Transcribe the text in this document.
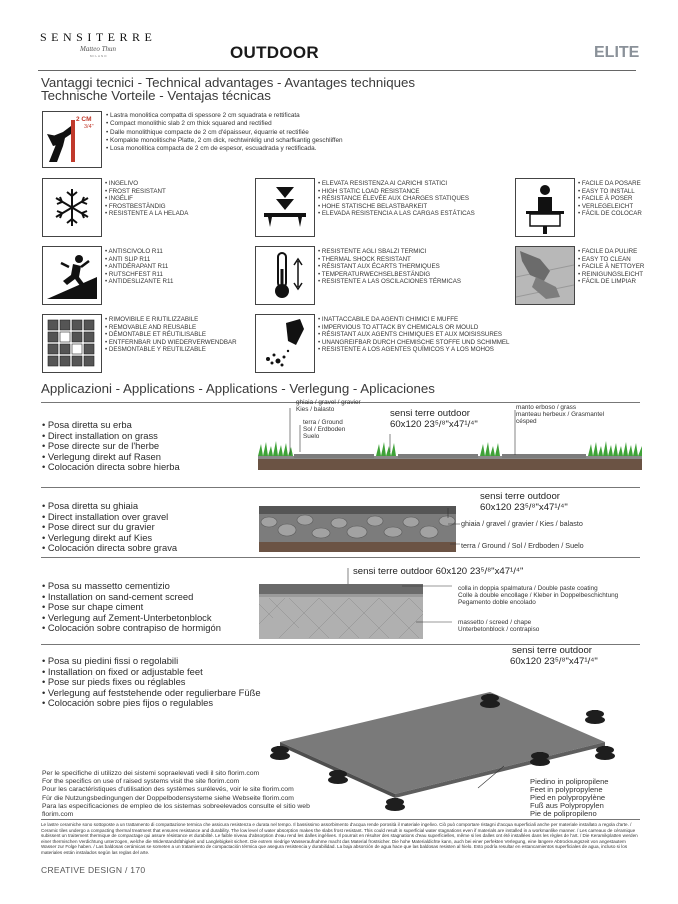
SENSITERRE
Matteo Thun
MILANO	OUTDOOR	ELITE
Vantaggi tecnici - Technical advantages - Avantages techniques
Technische Vorteile - Ventajas técnicas
2 CM
3/4"
• Lastra monolitica compatta di spessore 2 cm squadrata e rettificata
• Compact monolithic slab 2 cm thick squared and rectified
• Dalle monolithique compacte de 2 cm d'épaisseur, équarrie et rectifiée
• Kompakte monolitische Platte, 2 cm dick, rechtwinklig und scharfkantig geschliffen
• Losa monolítica compacta de 2 cm de espesor, escuadrada y rectificada.
• INGELIVO
• FROST RESISTANT
• INGÉLIF
• FROSTBESTÄNDIG
• RESISTENTE A LA HELADA
• ELEVATA RESISTENZA AI CARICHI STATICI
• HIGH STATIC LOAD RESISTANCE
• RÉSISTANCE ÉLEVÉE AUX CHARGES STATIQUES
• HOHE STATISCHE BELASTBARKEIT
• ELEVADA RESISTENCIA A LAS CARGAS ESTÁTICAS
• FACILE DA POSARE
• EASY TO INSTALL
• FACILE À POSER
• VERLEGELEICHT
• FÁCIL DE COLOCAR
• ANTISCIVOLO R11
• ANTI SLIP R11
• ANTIDÉRAPANT R11
• RUTSCHFEST R11
• ANTIDESLIZANTE R11
• RESISTENTE AGLI SBALZI TERMICI
• THERMAL SHOCK RESISTANT
• RÉSISTANT AUX ÉCARTS THERMIQUES
• TEMPERATURWECHSELBESTÄNDIG
• RESISTENTE A LAS OSCILACIONES TÉRMICAS
• FACILE DA PULIRE
• EASY TO CLEAN
• FACILE À NETTOYER
• REINIGUNGSLEICHT
• FÁCIL DE LIMPIAR
• RIMOVIBILE E RIUTILIZZABILE
• REMOVABLE AND REUSABLE
• DÉMONTABLE ET RÉUTILISABLE
• ENTFERNBAR UND WIEDERVERWENDBAR
• DESMONTABLE Y REUTILIZABLE
• INATTACCABILE DA AGENTI CHIMICI E MUFFE
• IMPERVIOUS TO ATTACK BY CHEMICALS OR MOULD
• RÉSISTANT AUX AGENTS CHIMIQUES ET AUX MOISISSURES
• UNANGREIFBAR DURCH CHEMISCHE STOFFE UND SCHIMMEL
• RESISTENTE A LOS AGENTES QUÍMICOS Y A LOS MOHOS
Applicazioni - Applications - Applications - Verlegung - Aplicaciones
• Posa diretta su erba
• Direct installation on grass
• Pose directe sur de l'herbe
• Verlegung direkt auf Rasen
• Colocación directa sobre hierba
ghiaia / gravel / gravier
Kies / balasto
terra / Ground
Sol / Erdboden
Suelo
sensi terre outdoor
60x120 23⁵/⁸"x47¹/⁴"
manto erboso / grass
manteau herbeux / Grasmantel
césped
• Posa diretta su ghiaia
• Direct installation over gravel
• Pose direct sur du gravier
• Verlegung direkt auf Kies
• Colocación directa sobre grava
sensi terre outdoor
60x120 23⁵/⁸"x47¹/⁴"
ghiaia / gravel / gravier / Kies / balasto
terra / Ground / Sol / Erdboden / Suelo
• Posa su massetto cementizio
• Installation on sand-cement screed
• Pose sur chape ciment
• Verlegung auf Zement-Unterbetonblock
• Colocación sobre contrapiso de hormigón
sensi terre outdoor 60x120 23⁵/⁸"x47¹/⁴"
colla in doppia spalmatura / Double paste coating
Colle à double encollage / Kleber in Doppelbeschichtung
Pegamento doble encolado
massetto / screed / chape
Unterbetonblock / contrapiso
• Posa su piedini fissi o regolabili
• Installation on fixed or adjustable feet
• Pose sur pieds fixes ou réglables
• Verlegung auf feststehende oder regulierbare Füße
• Colocación sobre pies fijos o regulables
sensi terre outdoor
60x120 23⁵/⁸"x47¹/⁴"
Per le specifiche di utilizzo dei sistemi sopraelevati vedi il sito florim.com
For the specifics on use of raised systems visit the site florim.com
Pour les caractéristiques d'utilisation des systèmes surélevés, voir le site florim.com
Für die Nutzungsbedingungen der Doppelbodensysteme siehe Webseite florim.com
Para las especificaciones de empleo de los sistemas sobreelevados consulte el sitio web florim.com
Piedino in polipropilene
Feet in polypropylene
Pied en polypropylène
Fuß aus Polypropylen
Pie de polipropileno
Le lastre ceramiche sono sottoposte a un trattamento di compattazione termica che assicura resistenza e durata nel tempo. Il bassissimo assorbimento d'acqua rende porosità il materiale ingelivo. Ciò può comportare ristagni d'acqua superficiali anche per materiale installato a regola d'arte. / Ceramic tiles undergo a compacting thermal treatment that ensures resistance and durability. The low level of water absorption makes the slabs frost resistant. This could result in superficial water stagnations even if materials are installed in a workmanlike manner. / Les carreaux de céramique subissent un traitement thermique de compactage qui assure résistance et durabilité. Le faible niveau d'absorption d'eau rend les dalles ingélives. Il pourrait en résulter des stagnations d'eau superficielles, même si les dalles ont été installées dans les règles de l'art. / Die Keramikplatten werden einer thermischen Verdichtung unterzogen, welche die Widerstandsfähigkeit und Langlebigkeit sichert. Die extrem niedrige Wasseraufnahme macht das Material frostsicher. Die hohe Materialdichte kann, auch bei einer perfekten Verlegung, eine längere Abtrocknungszeit von angestautem Wasser zur Folge haben. / Las baldosas cerámicas se someten a un tratamiento de compactación térmica que asegura resistencia y durabilidad. La baja absorción de agua hace que las baldosas resisten al hielo. Esto podría resultar en estancamientos superficiales de agua, incluso si los materiales están instalados según las reglas del arte.
CREATIVE DESIGN / 170
